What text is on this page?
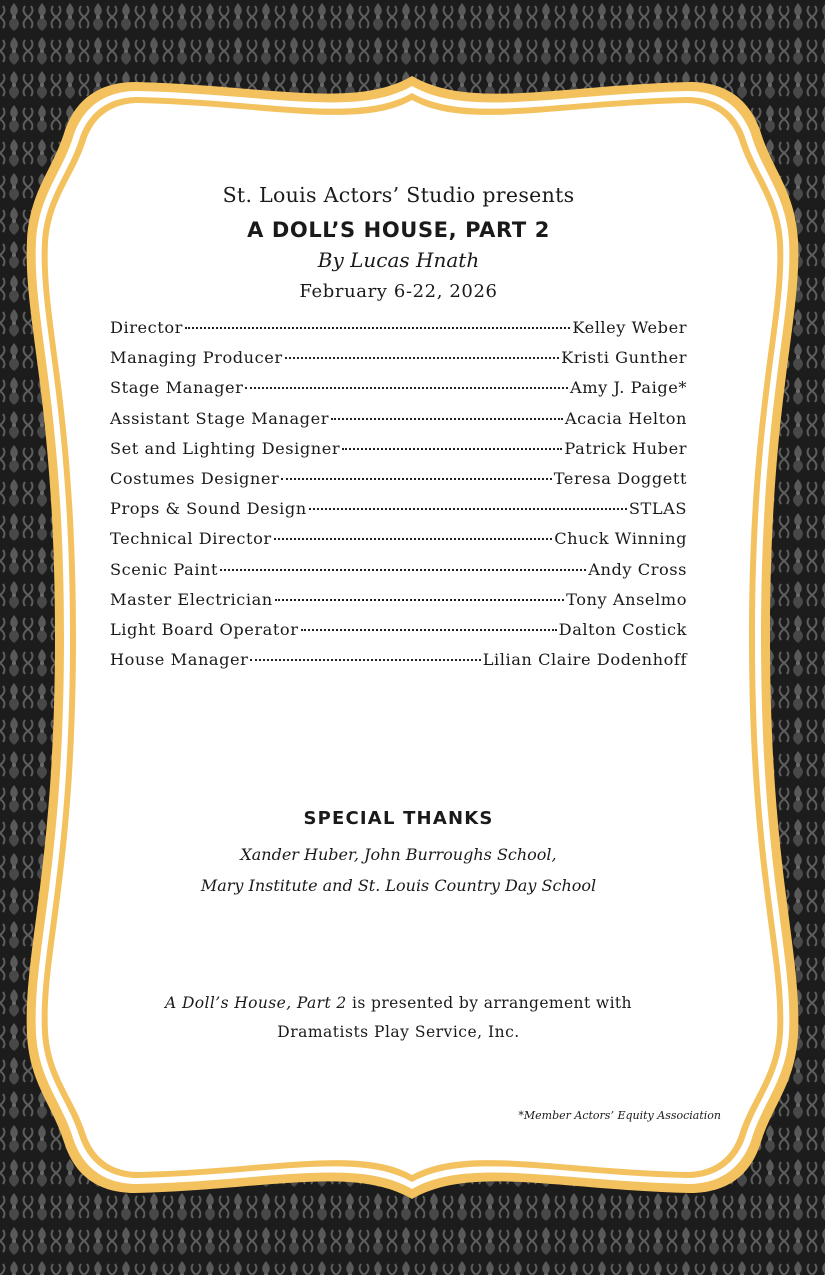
St. Louis Actors’ Studio presents
A DOLL’S HOUSE, PART 2
By Lucas Hnath
February 6-22, 2026
Director	Kelley Weber
Managing Producer	Kristi Gunther
Stage Manager	Amy J. Paige*
Assistant Stage Manager	Acacia Helton
Set and Lighting Designer	Patrick Huber
Costumes Designer	Teresa Doggett
Props & Sound Design	STLAS
Technical Director	Chuck Winning
Scenic Paint	Andy Cross
Master Electrician	Tony Anselmo
Light Board Operator	Dalton Costick
House Manager	Lilian Claire Dodenhoff
SPECIAL THANKS
Xander Huber, John Burroughs School,
Mary Institute and St. Louis Country Day School
A Doll’s House, Part 2 is presented by arrangement with
Dramatists Play Service, Inc.
*Member Actors’ Equity Association
